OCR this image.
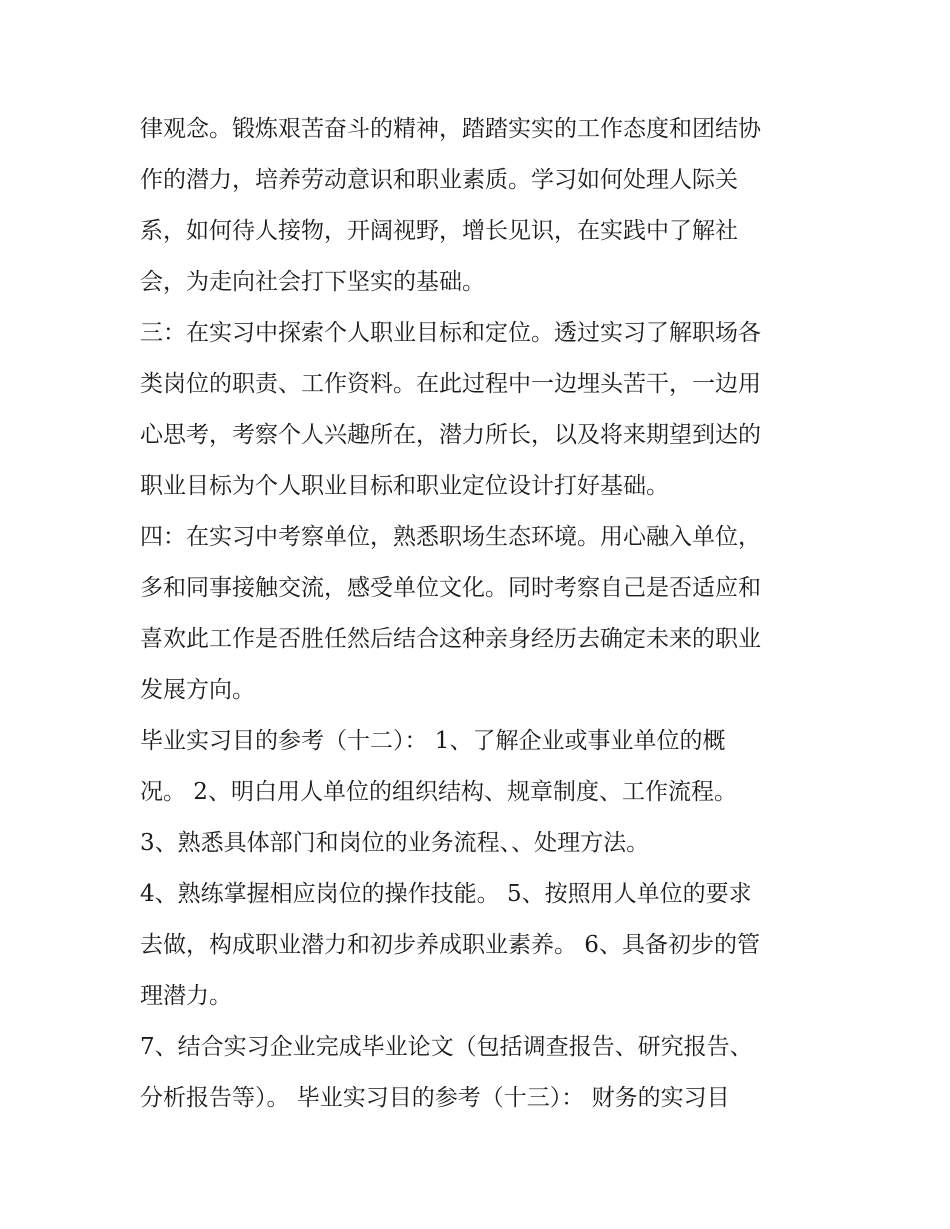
律观念。锻炼艰苦奋斗的精神，踏踏实实的工作态度和团结协
作的潜力，培养劳动意识和职业素质。学习如何处理人际关
系，如何待人接物，开阔视野，增长见识，在实践中了解社
会，为走向社会打下坚实的基础。
三：在实习中探索个人职业目标和定位。透过实习了解职场各
类岗位的职责、工作资料。在此过程中一边埋头苦干，一边用
心思考，考察个人兴趣所在，潜力所长，以及将来期望到达的
职业目标为个人职业目标和职业定位设计打好基础。
四：在实习中考察单位，熟悉职场生态环境。用心融入单位，
多和同事接触交流，感受单位文化。同时考察自己是否适应和
喜欢此工作是否胜任然后结合这种亲身经历去确定未来的职业
发展方向。
毕业实习目的参考（十二）： 1、了解企业或事业单位的概
况。 2、明白用人单位的组织结构、规章制度、工作流程。
3、熟悉具体部门和岗位的业务流程、、处理方法。
4、熟练掌握相应岗位的操作技能。 5、按照用人单位的要求
去做，构成职业潜力和初步养成职业素养。 6、具备初步的管
理潜力。
7、结合实习企业完成毕业论文（包括调查报告、研究报告、
分析报告等）。 毕业实习目的参考（十三）： 财务的实习目
